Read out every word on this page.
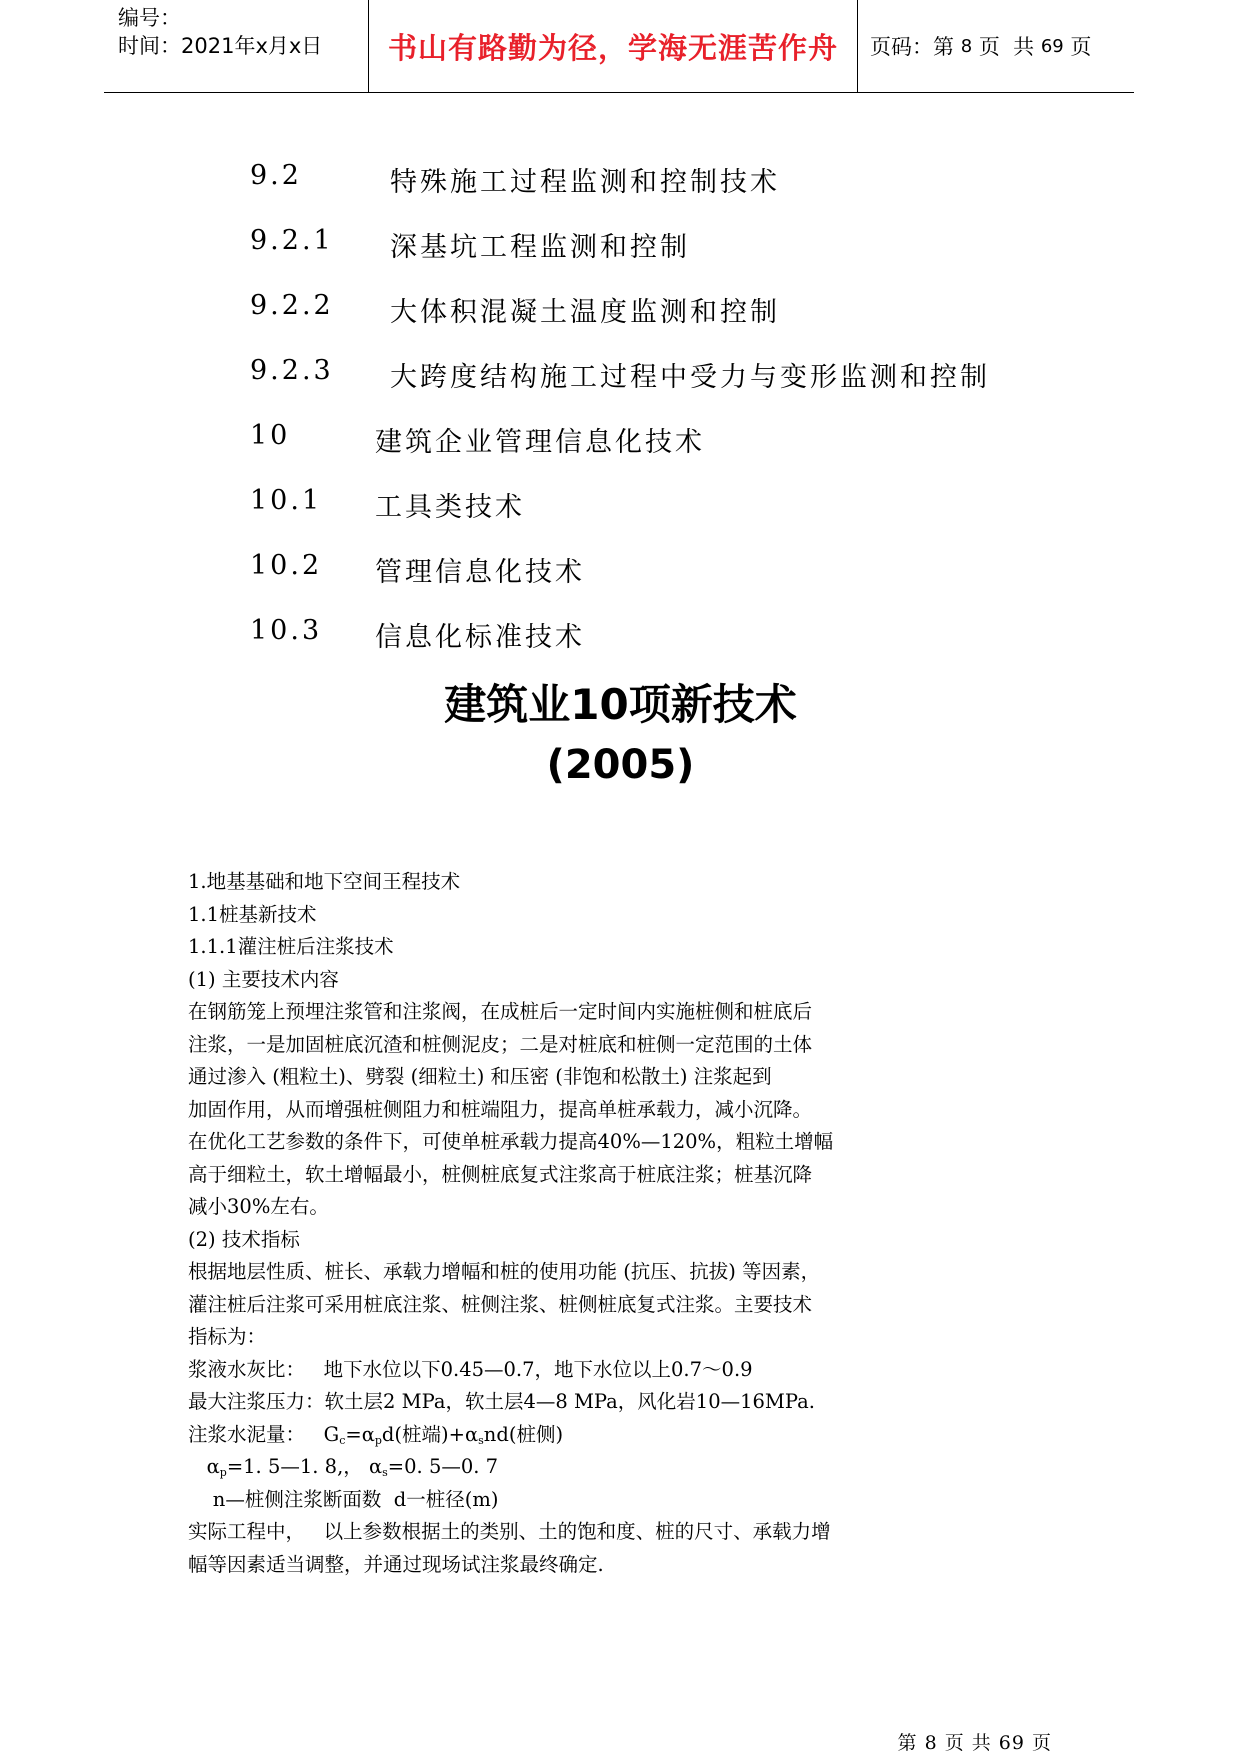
编号：
时间：2021年x月x日	书山有路勤为径，学海无涯苦作舟	页码：第 8 页  共 69 页
9.2	特殊施工过程监测和控制技术
9.2.1 深基坑工程监测和控制
9.2.2 大体积混凝土温度监测和控制
9.2.3 大跨度结构施工过程中受力与变形监测和控制
10	建筑企业管理信息化技术
10.1 工具类技术
10.2 管理信息化技术
10.3 信息化标准技术
建筑业10项新技术
(2005)
1.地基基础和地下空间王程技术
1.1桩基新技术
1.1.1灌注桩后注浆技术
(1) 主要技术内容
在钢筋笼上预埋注浆管和注浆阀，在成桩后一定时间内实施桩侧和桩底后
注浆，一是加固桩底沉渣和桩侧泥皮；二是对桩底和桩侧一定范围的土体
通过渗入 (粗粒土)、劈裂 (细粒土) 和压密 (非饱和松散土) 注浆起到
加固作用，从而增强桩侧阻力和桩端阻力，提高单桩承载力，减小沉降。
在优化工艺参数的条件下，可使单桩承载力提高40%—120%，粗粒土增幅
高于细粒土，软土增幅最小，桩侧桩底复式注浆高于桩底注浆；桩基沉降
减小30%左右。
(2) 技术指标
根据地层性质、桩长、承载力增幅和桩的使用功能 (抗压、抗拔) 等因素，
灌注桩后注浆可采用桩底注浆、桩侧注浆、桩侧桩底复式注浆。主要技术
指标为：
浆液水灰比：   地下水位以下0.45—0.7，地下水位以上0.7～0.9
最大注浆压力：软土层2 MPa，软土层4—8 MPa，风化岩10—16MPa.
注浆水泥量：   $G_c=\alpha_pd$(桩端)$+\alpha_snd$(桩侧)
$\alpha_p=1$. 5—1. 8,， $\alpha_s=0$. 5—0. 7
n—桩侧注浆断面数  d一桩径(m)
实际工程中，   以上参数根据土的类别、土的饱和度、桩的尺寸、承载力增
幅等因素适当调整，并通过现场试注浆最终确定.
第 8 页 共 69 页
